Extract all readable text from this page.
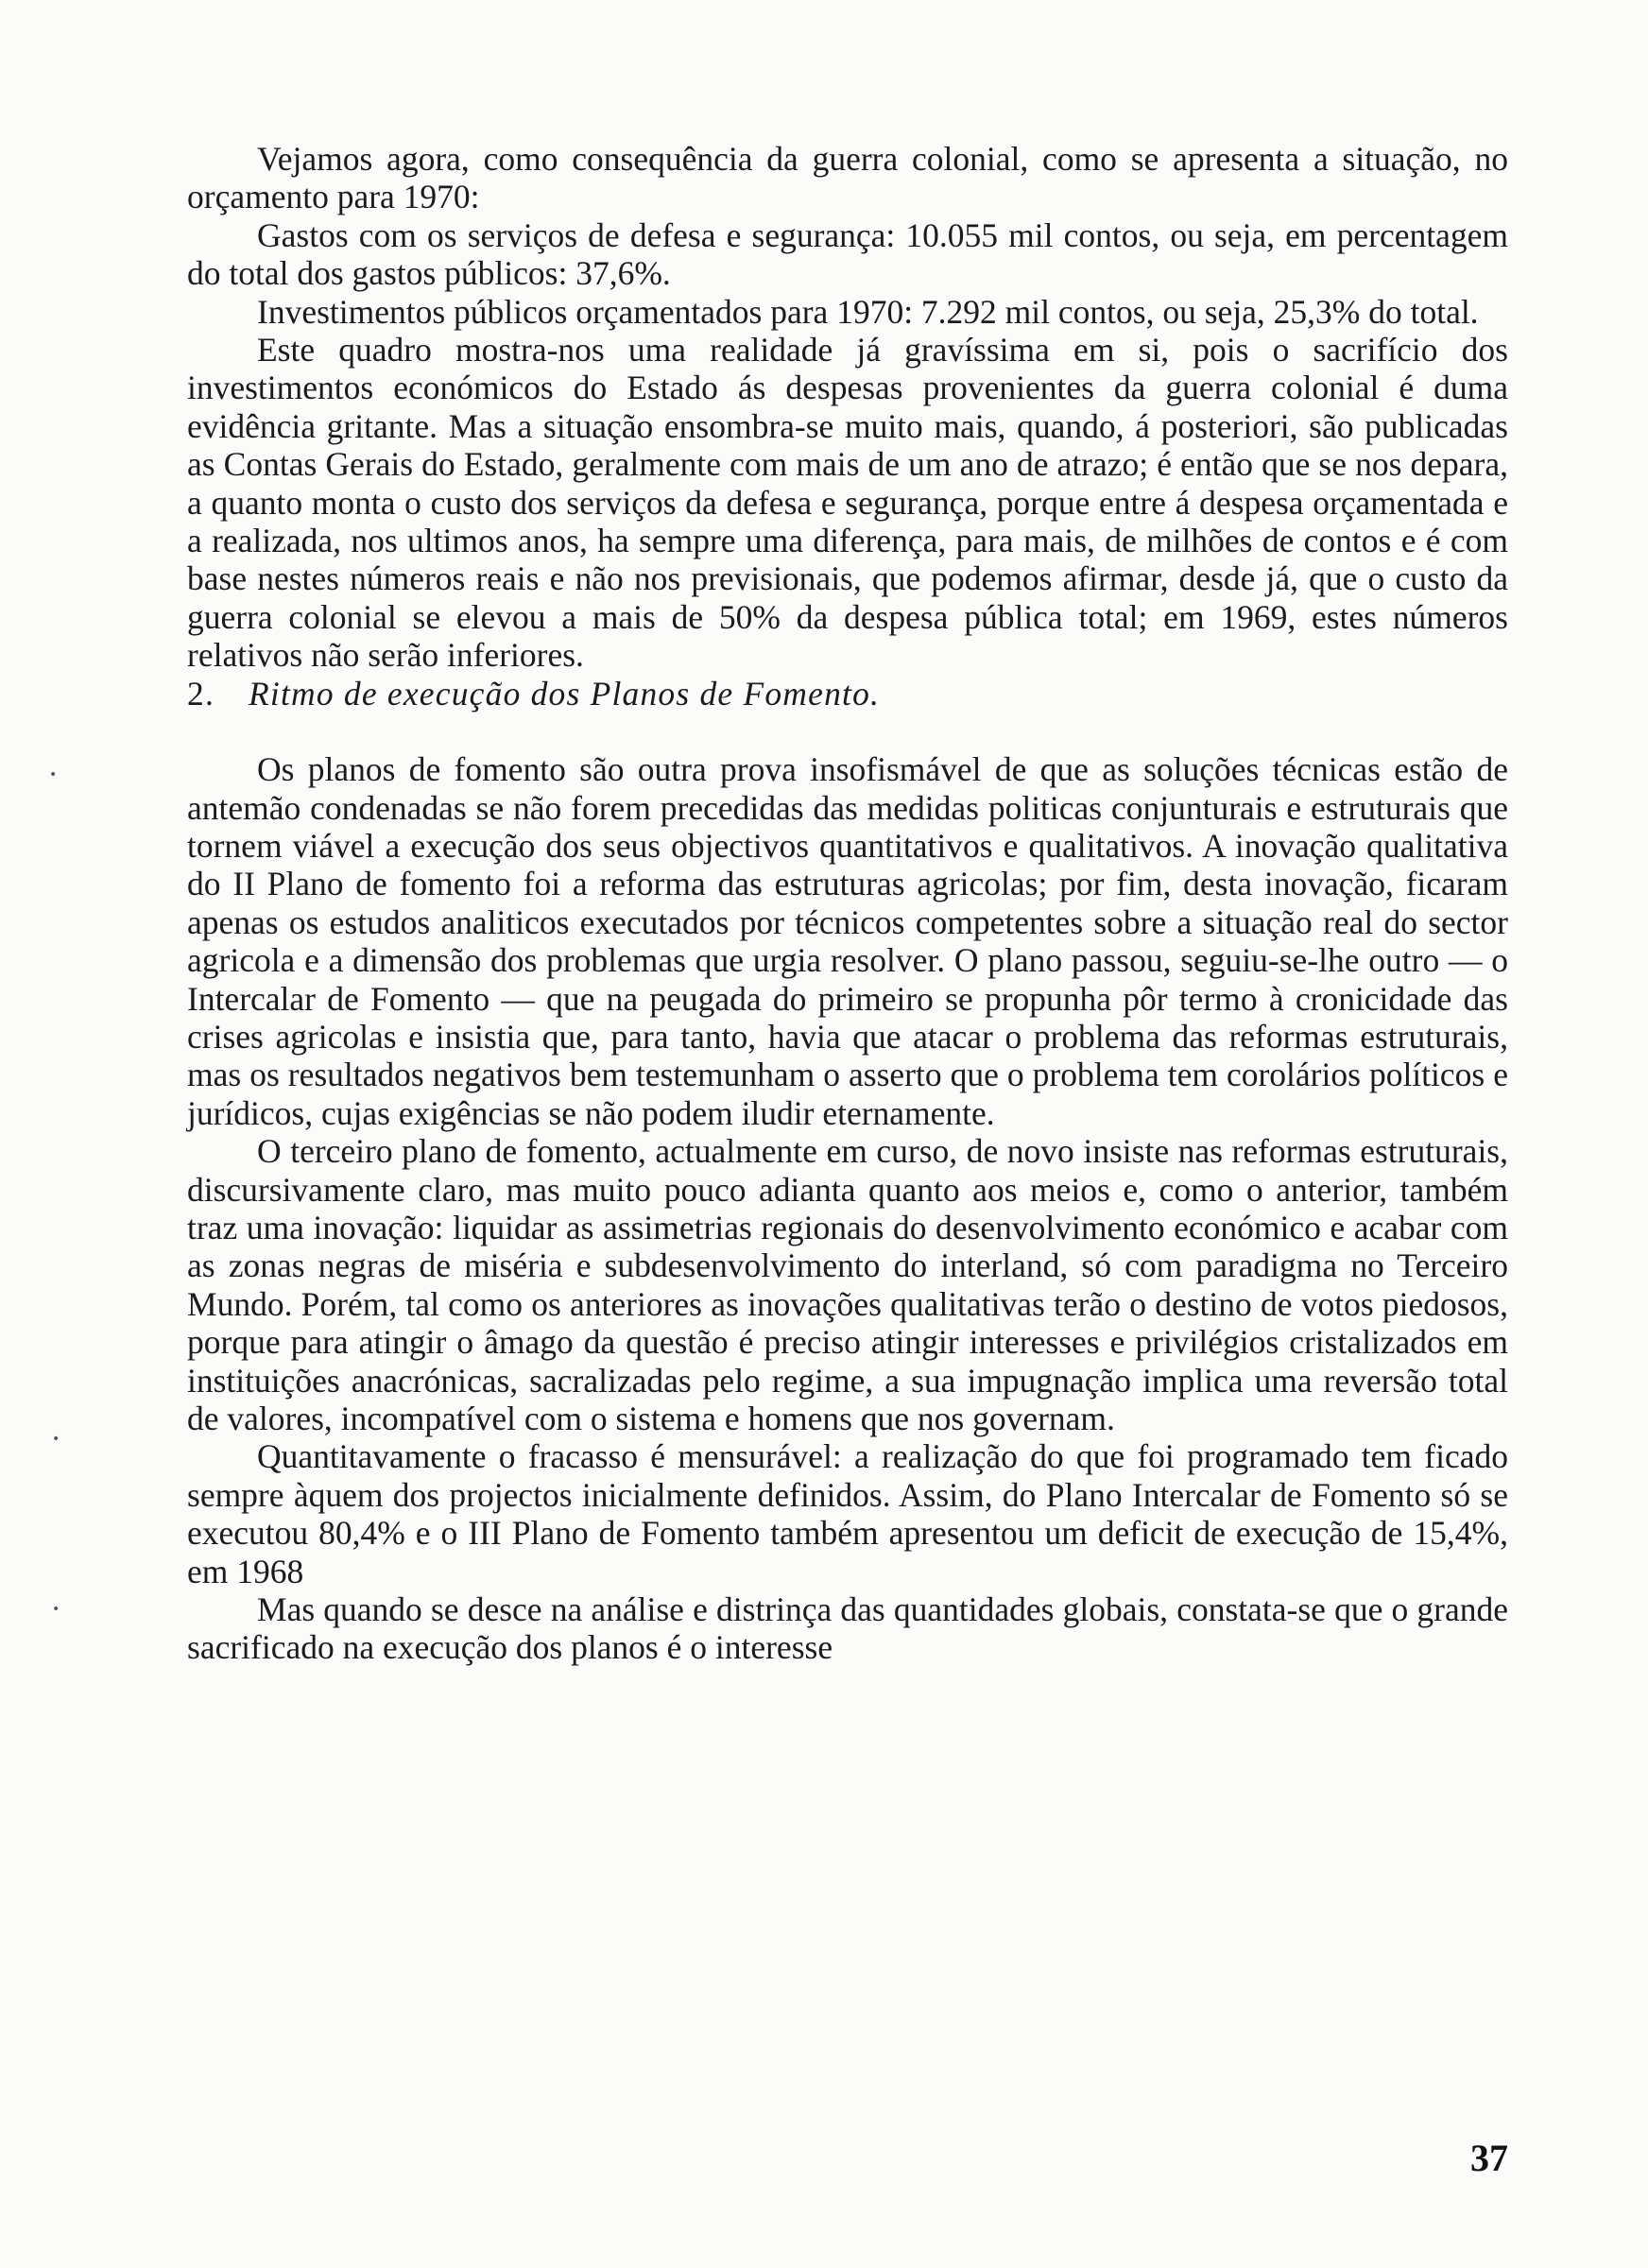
Vejamos agora, como consequência da guerra colonial, como se apresenta a situação, no orçamento para 1970:

Gastos com os serviços de defesa e segurança: 10.055 mil contos, ou seja, em percentagem do total dos gastos públicos: 37,6%.

Investimentos públicos orçamentados para 1970: 7.292 mil contos, ou seja, 25,3% do total.

Este quadro mostra-nos uma realidade já gravíssima em si, pois o sacrifício dos investimentos económicos do Estado ás despesas provenientes da guerra colonial é duma evidência gritante. Mas a situação ensombra-se muito mais, quando, á posteriori, são publicadas as Contas Gerais do Estado, geralmente com mais de um ano de atrazo; é então que se nos depara, a quanto monta o custo dos serviços da defesa e segurança, porque entre á despesa orçamentada e a realizada, nos ultimos anos, ha sempre uma diferença, para mais, de milhões de contos e é com base nestes números reais e não nos previsionais, que podemos afirmar, desde já, que o custo da guerra colonial se elevou a mais de 50% da despesa pública total; em 1969, estes números relativos não serão inferiores.

2. Ritmo de execução dos Planos de Fomento.

Os planos de fomento são outra prova insofismável de que as soluções técnicas estão de antemão condenadas se não forem precedidas das medidas politicas conjunturais e estruturais que tornem viável a execução dos seus objectivos quantitativos e qualitativos. A inovação qualitativa do II Plano de fomento foi a reforma das estruturas agricolas; por fim, desta inovação, ficaram apenas os estudos analiticos executados por técnicos competentes sobre a situação real do sector agricola e a dimensão dos problemas que urgia resolver. O plano passou, seguiu-se-lhe outro — o Intercalar de Fomento — que na peugada do primeiro se propunha pôr termo à cronicidade das crises agricolas e insistia que, para tanto, havia que atacar o problema das reformas estruturais, mas os resultados negativos bem testemunham o asserto que o problema tem corolários políticos e jurídicos, cujas exigências se não podem iludir eternamente.

O terceiro plano de fomento, actualmente em curso, de novo insiste nas reformas estruturais, discursivamente claro, mas muito pouco adianta quanto aos meios e, como o anterior, também traz uma inovação: liquidar as assimetrias regionais do desenvolvimento económico e acabar com as zonas negras de miséria e subdesenvolvimento do interland, só com paradigma no Terceiro Mundo. Porém, tal como os anteriores as inovações qualitativas terão o destino de votos piedosos, porque para atingir o âmago da questão é preciso atingir interesses e privilégios cristalizados em instituições anacrónicas, sacralizadas pelo regime, a sua impugnação implica uma reversão total de valores, incompatível com o sistema e homens que nos governam.

Quantitavamente o fracasso é mensurável: a realização do que foi programado tem ficado sempre àquem dos projectos inicialmente definidos. Assim, do Plano Intercalar de Fomento só se executou 80,4% e o III Plano de Fomento também apresentou um deficit de execução de 15,4%, em 1968

Mas quando se desce na análise e distrinça das quantidades globais, constata-se que o grande sacrificado na execução dos planos é o interesse

37
•
•
•
